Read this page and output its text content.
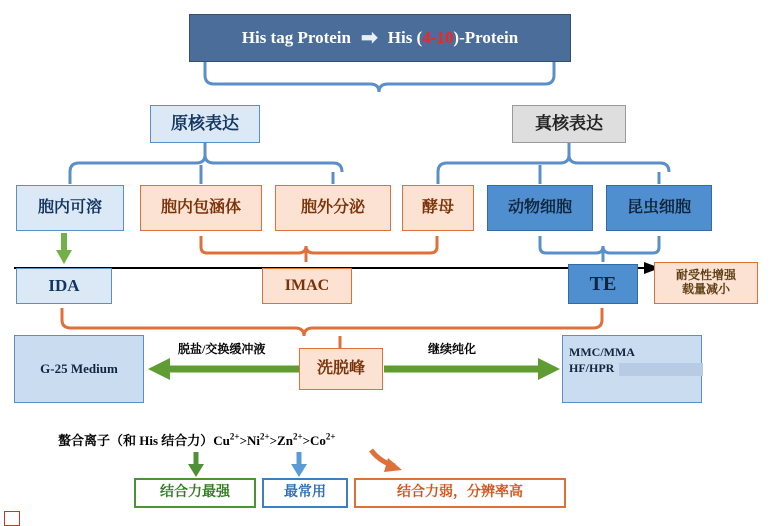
His tag Protein ➡ His ( 4-10 )-Protein
原核表达	真核表达
胞内可溶	胞内包涵体	胞外分泌	酵母	动物细胞	昆虫细胞
IDA	IMAC	TE	耐受性增强
载量减小
G-25 Medium	洗脱峰
MMC/MMA
HF/HPR
脱盐/交换缓冲液	继续纯化
螯合离子（和 His 结合力）$Cu^{2+}>Ni^{2+}>Zn^{2+}>Co^{2+}$
结合力最强	最常用	结合力弱，分辨率高
